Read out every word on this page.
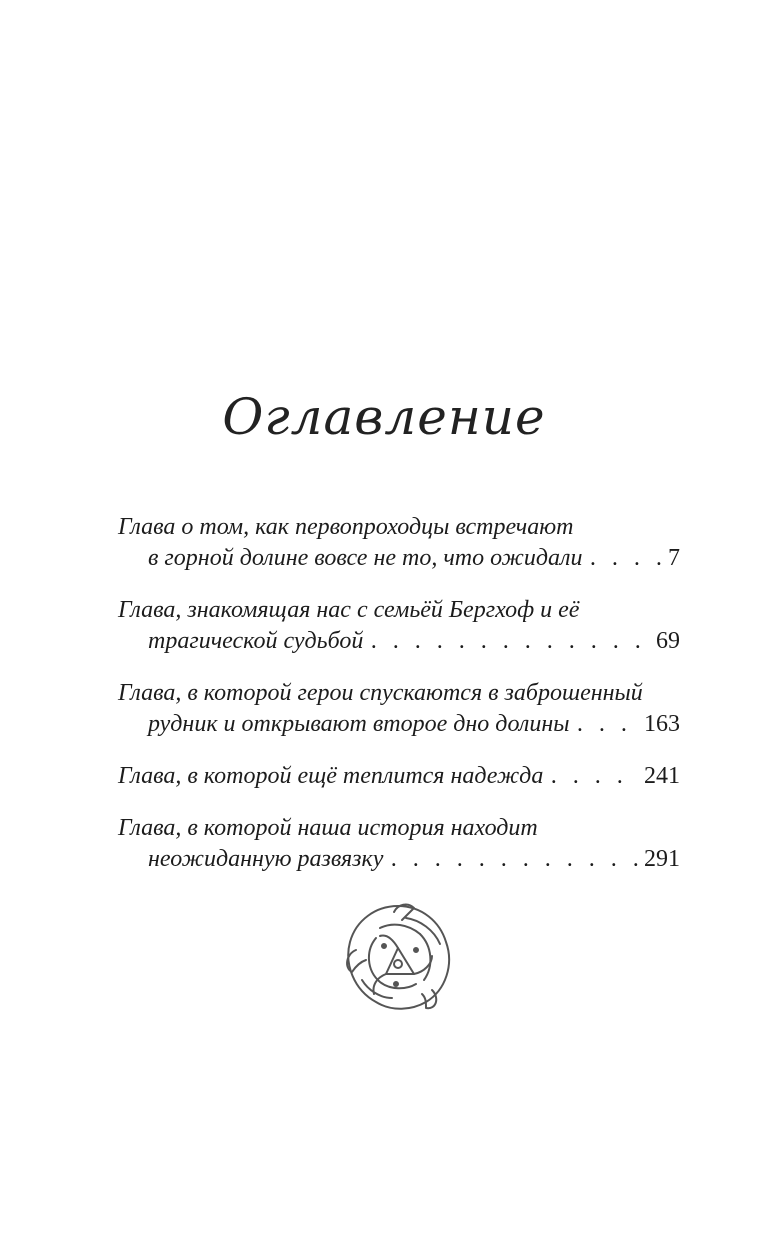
Оглавление
Глава о том, как первопроходцы встречают
в горной долине вовсе не то, что ожидали . . .	7
Глава, знакомящая нас с семьёй Бергхоф и её
трагической судьбой . . .	69
Глава, в которой герои спускаются в заброшенный
рудник и открывают второе дно долины . . .	163
Глава, в которой ещё теплится надежда . . .	241
Глава, в которой наша история находит
неожиданную развязку . . .	291
